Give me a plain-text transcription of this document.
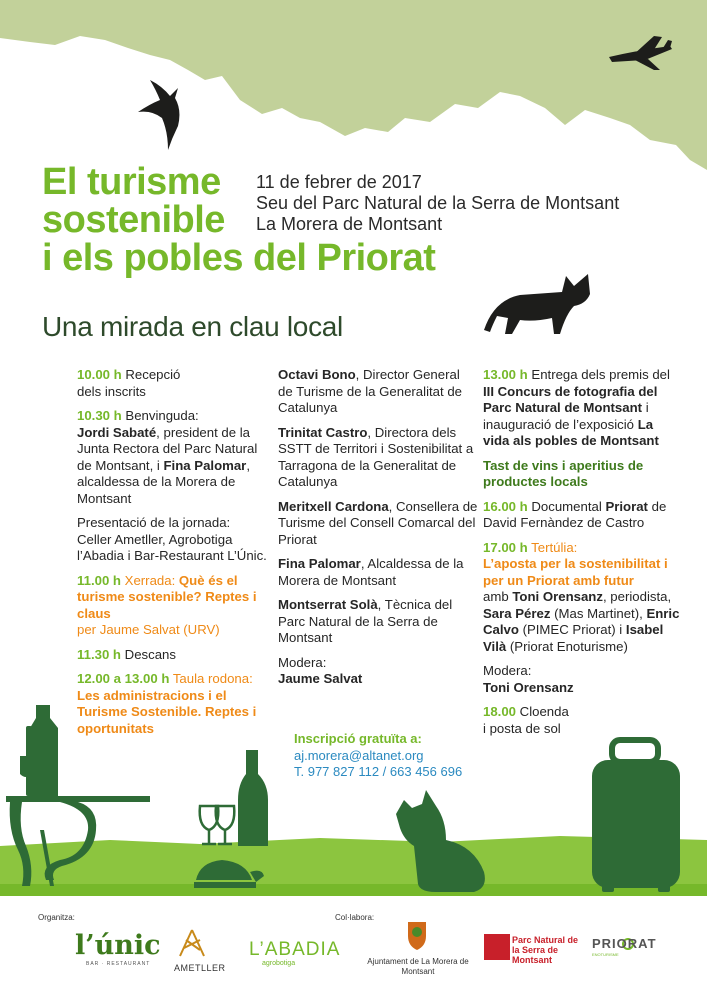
El turisme
sostenible
i els pobles del Priorat
11 de febrer de 2017
Seu del Parc Natural de la Serra de Montsant
La Morera de Montsant
Una mirada en clau local
10.00 h Recepció
dels inscrits
10.30 h Benvinguda:
Jordi Sabaté, president de la Junta Rectora del Parc Natural de Montsant, i Fina Palomar, alcaldessa de la Morera de Montsant
Presentació de la jornada: Celler Ametller, Agrobotiga l’Abadia i Bar-Restaurant L’Únic.
11.00 h Xerrada: Què és el turisme sostenible? Reptes i claus
per Jaume Salvat (URV)
11.30 h Descans
12.00 a 13.00 h Taula rodona: Les administracions i el Turisme Sostenible. Reptes i oportunitats
Octavi Bono, Director General de Turisme de la Generalitat de Catalunya
Trinitat Castro, Directora dels SSTT de Territori i Sostenibilitat a Tarragona de la Generalitat de Catalunya
Meritxell Cardona, Consellera de Turisme del Consell Comarcal del Priorat
Fina Palomar, Alcaldessa de la Morera de Montsant
Montserrat Solà, Tècnica del Parc Natural de la Serra de Montsant
Modera:
Jaume Salvat
Inscripció gratuïta a:
aj.morera@altanet.org
T. 977 827 112 / 663 456 696
13.00 h Entrega dels premis del III Concurs de fotografia del Parc Natural de Montsant i inauguració de l’exposició La vida als pobles de Montsant
Tast de vins i aperitius de productes locals
16.00 h Documental Priorat de David Fernàndez de Castro
17.00 h Tertúlia:
L’aposta per la sostenibilitat i per un Priorat amb futur
amb Toni Orensanz, periodista, Sara Pérez (Mas Martinet), Enric Calvo (PIMEC Priorat) i Isabel Vilà (Priorat Enoturisme)
Modera:
Toni Orensanz
18.00 Cloenda
i posta de sol
Organitza:	Col·labora:
l’únic
BAR · RESTAURANT	AMETLLER
L’ABADIA
agrobotiga	Ajuntament de La Morera de Montsant
Parc Natural de la Serra de Montsant
PRIORAT
ENOTURISME
